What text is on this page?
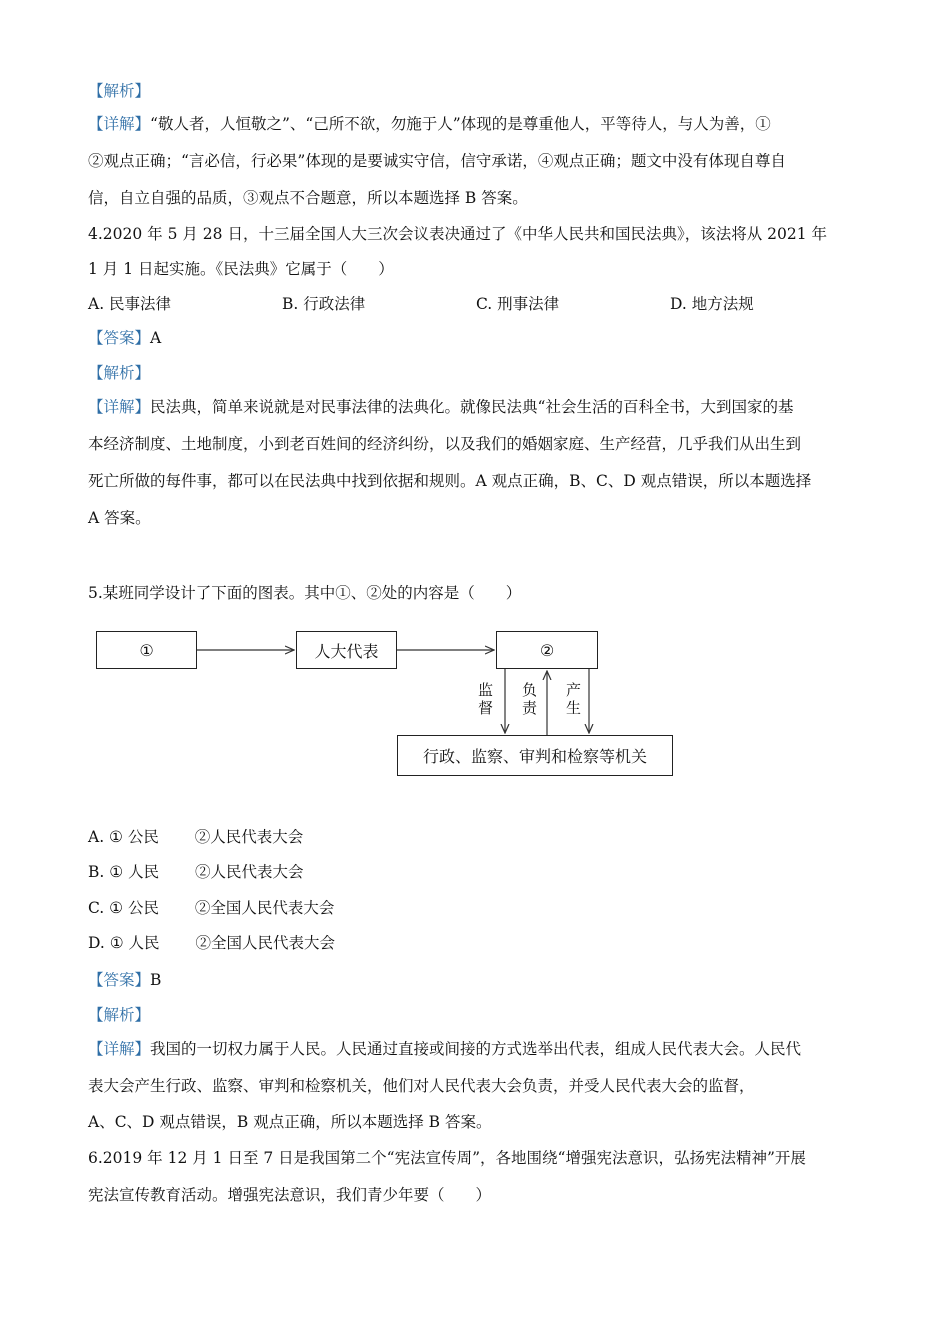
【解析】
【详解】“敬人者，人恒敬之”、“己所不欲，勿施于人”体现的是尊重他人，平等待人，与人为善，①
②观点正确；“言必信，行必果”体现的是要诚实守信，信守承诺，④观点正确；题文中没有体现自尊自
信，自立自强的品质，③观点不合题意，所以本题选择 B 答案。
4.2020 年 5 月 28 日，十三届全国人大三次会议表决通过了《中华人民共和国民法典》，该法将从 2021 年
1 月 1 日起实施。《民法典》它属于（　　）
A. 民事法律	B. 行政法律	C. 刑事法律	D. 地方法规
【答案】A
【解析】
【详解】民法典，简单来说就是对民事法律的法典化。就像民法典“社会生活的百科全书，大到国家的基
本经济制度、土地制度，小到老百姓间的经济纠纷，以及我们的婚姻家庭、生产经营，几乎我们从出生到
死亡所做的每件事，都可以在民法典中找到依据和规则。A 观点正确，B、C、D 观点错误，所以本题选择
A 答案。
5.某班同学设计了下面的图表。其中①、②处的内容是（　　）
①	人大代表	②
行政、监察、审判和检察等机关
监督
负责
产生
A. ① 公民　　 ②人民代表大会
B. ① 人民　　 ②人民代表大会
C. ① 公民　　 ②全国人民代表大会
D. ① 人民　　 ②全国人民代表大会
【答案】B
【解析】
【详解】我国的一切权力属于人民。人民通过直接或间接的方式选举出代表，组成人民代表大会。人民代
表大会产生行政、监察、审判和检察机关，他们对人民代表大会负责，并受人民代表大会的监督，
A、C、D 观点错误，B 观点正确，所以本题选择 B 答案。
6.2019 年 12 月 1 日至 7 日是我国第二个“宪法宣传周”，各地围绕“增强宪法意识，弘扬宪法精神”开展
宪法宣传教育活动。增强宪法意识，我们青少年要（　　）
